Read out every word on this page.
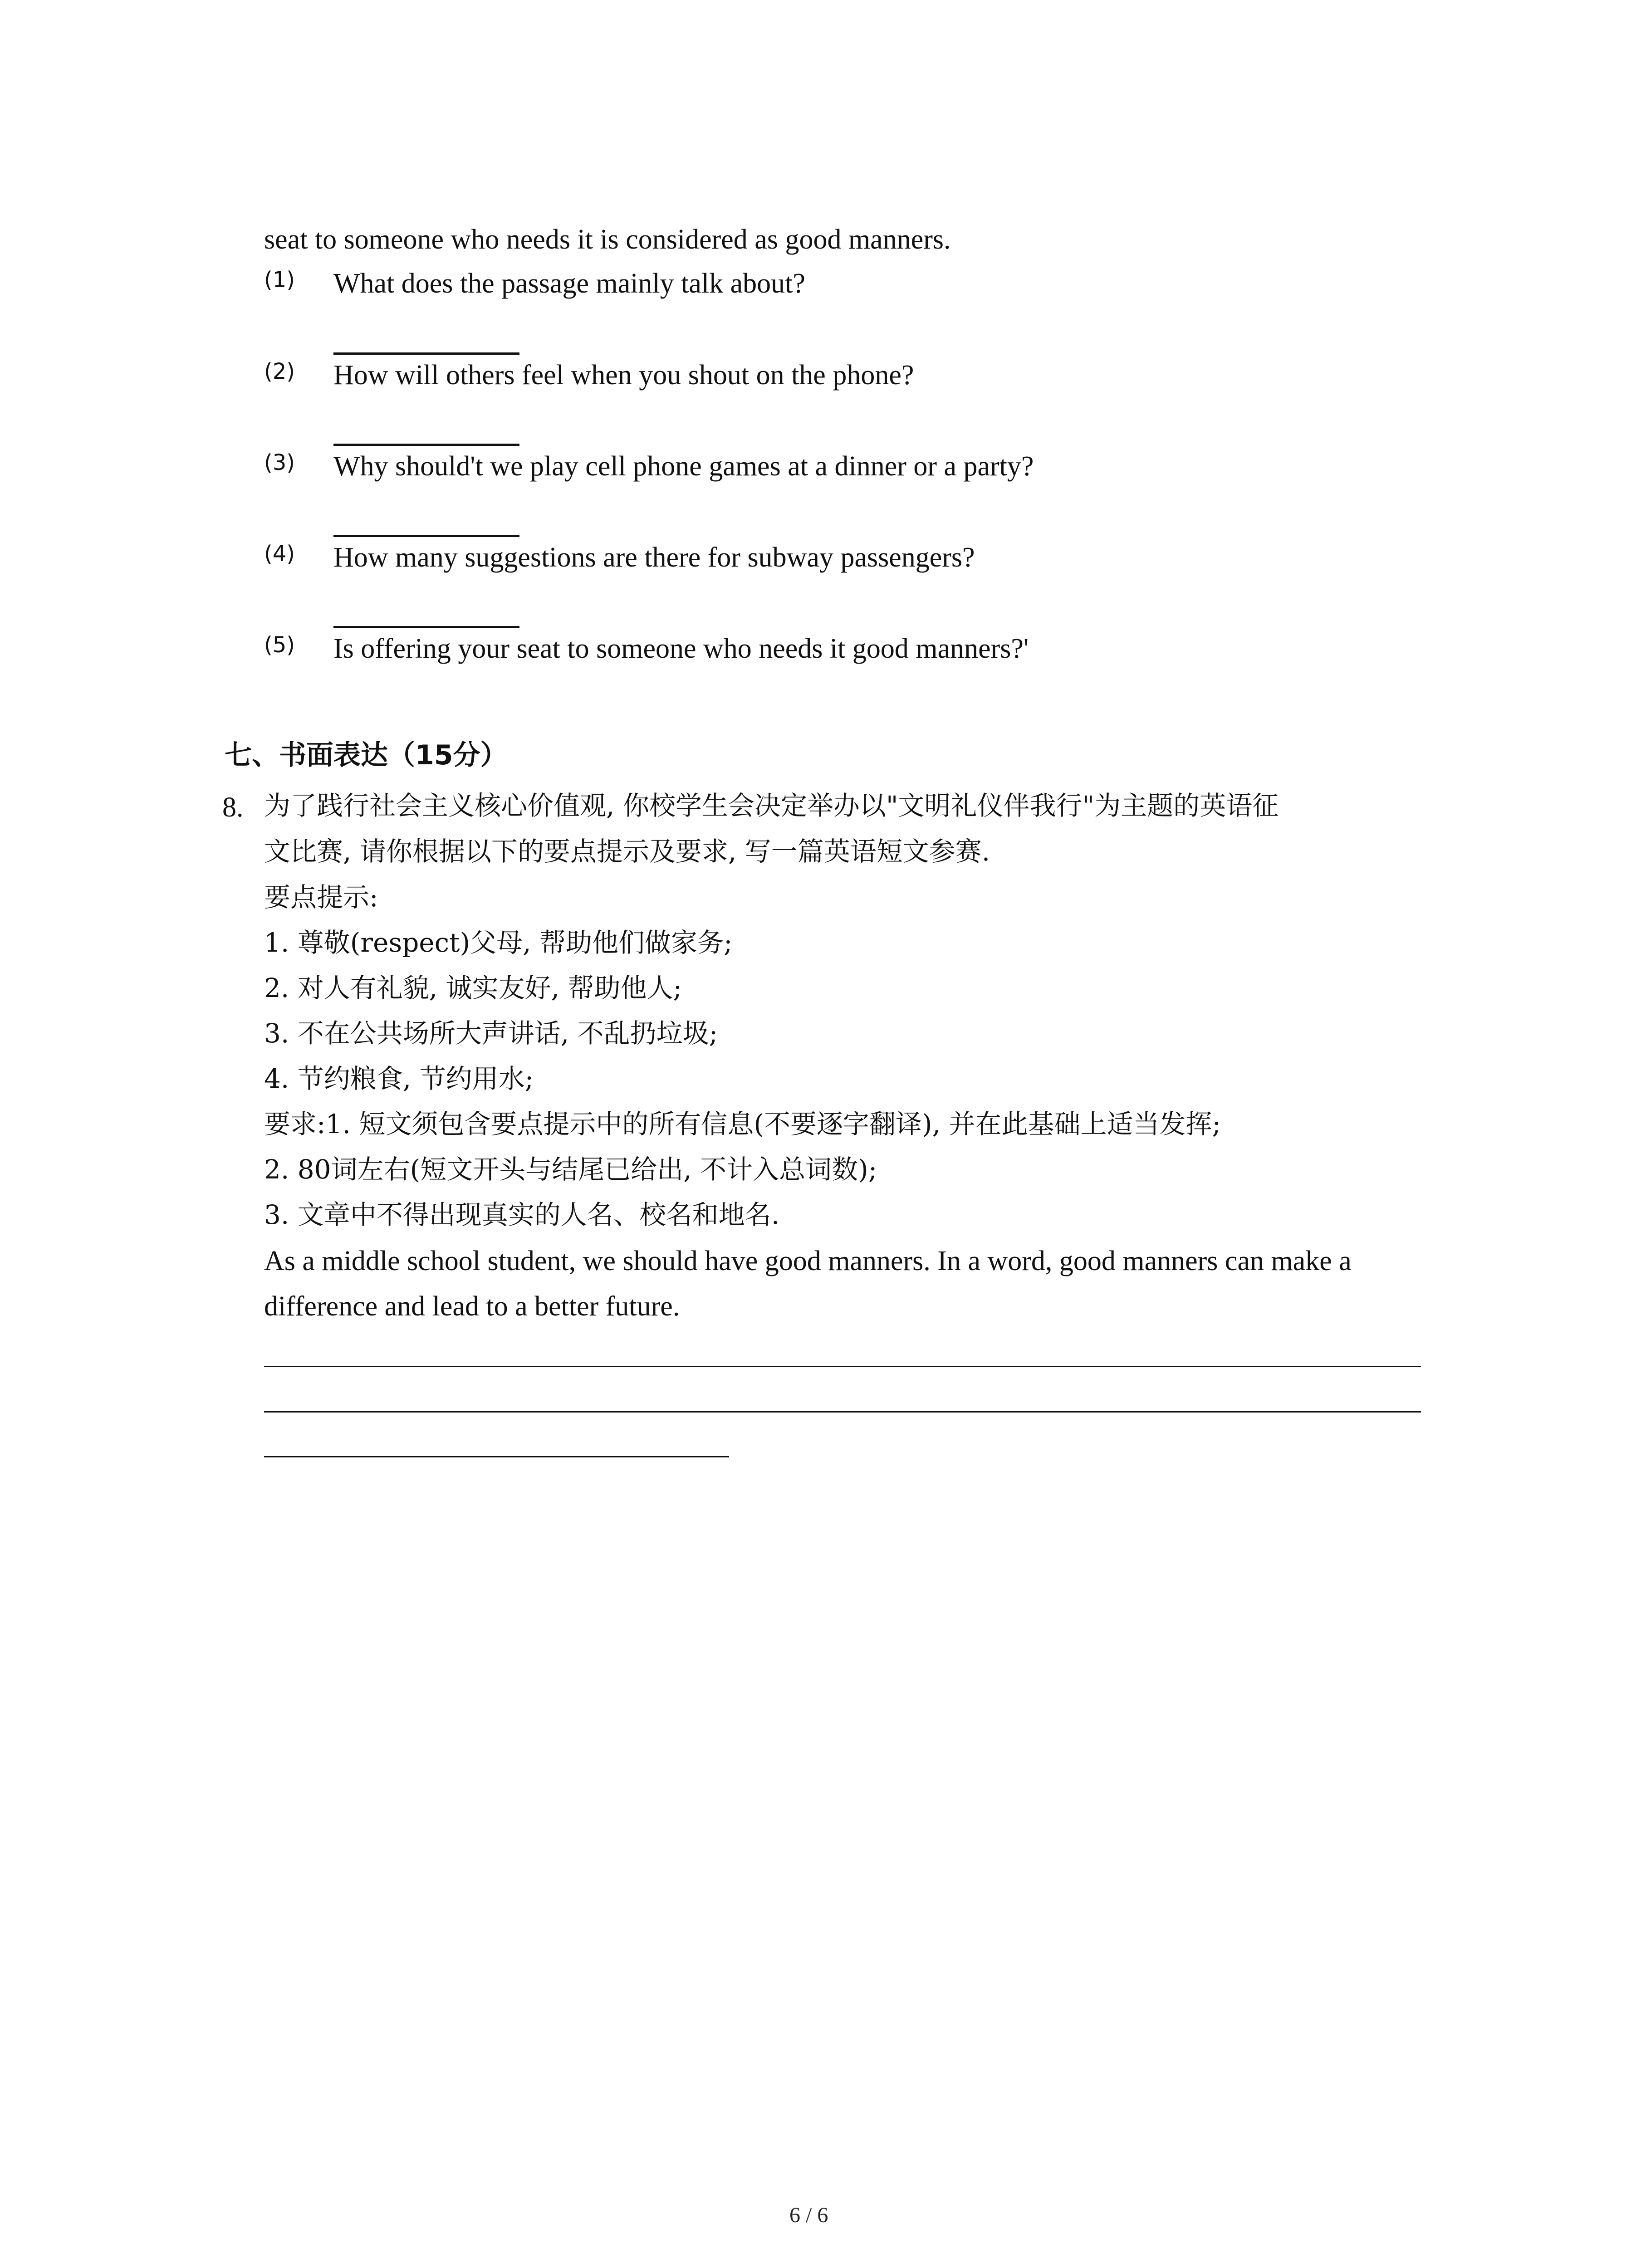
seat to someone who needs it is considered as good manners.
(1) What does the passage mainly talk about?
(2) How will others feel when you shout on the phone?
(3) Why should't we play cell phone games at a dinner or a party?
(4) How many suggestions are there for subway passengers?
(5) Is offering your seat to someone who needs it good manners?'
七、书面表达（15分）
8. 为了践行社会主义核心价值观, 你校学生会决定举办以"文明礼仪伴我行"为主题的英语征
文比赛, 请你根据以下的要点提示及要求, 写一篇英语短文参赛.
要点提示:
1. 尊敬(respect)父母, 帮助他们做家务;
2. 对人有礼貌, 诚实友好, 帮助他人;
3. 不在公共场所大声讲话, 不乱扔垃圾;
4. 节约粮食, 节约用水;
要求:1. 短文须包含要点提示中的所有信息(不要逐字翻译), 并在此基础上适当发挥;
2. 80词左右(短文开头与结尾已给出, 不计入总词数);
3. 文章中不得出现真实的人名、校名和地名.
As a middle school student, we should have good manners. In a word, good manners can make a
difference and lead to a better future.
6 / 6
